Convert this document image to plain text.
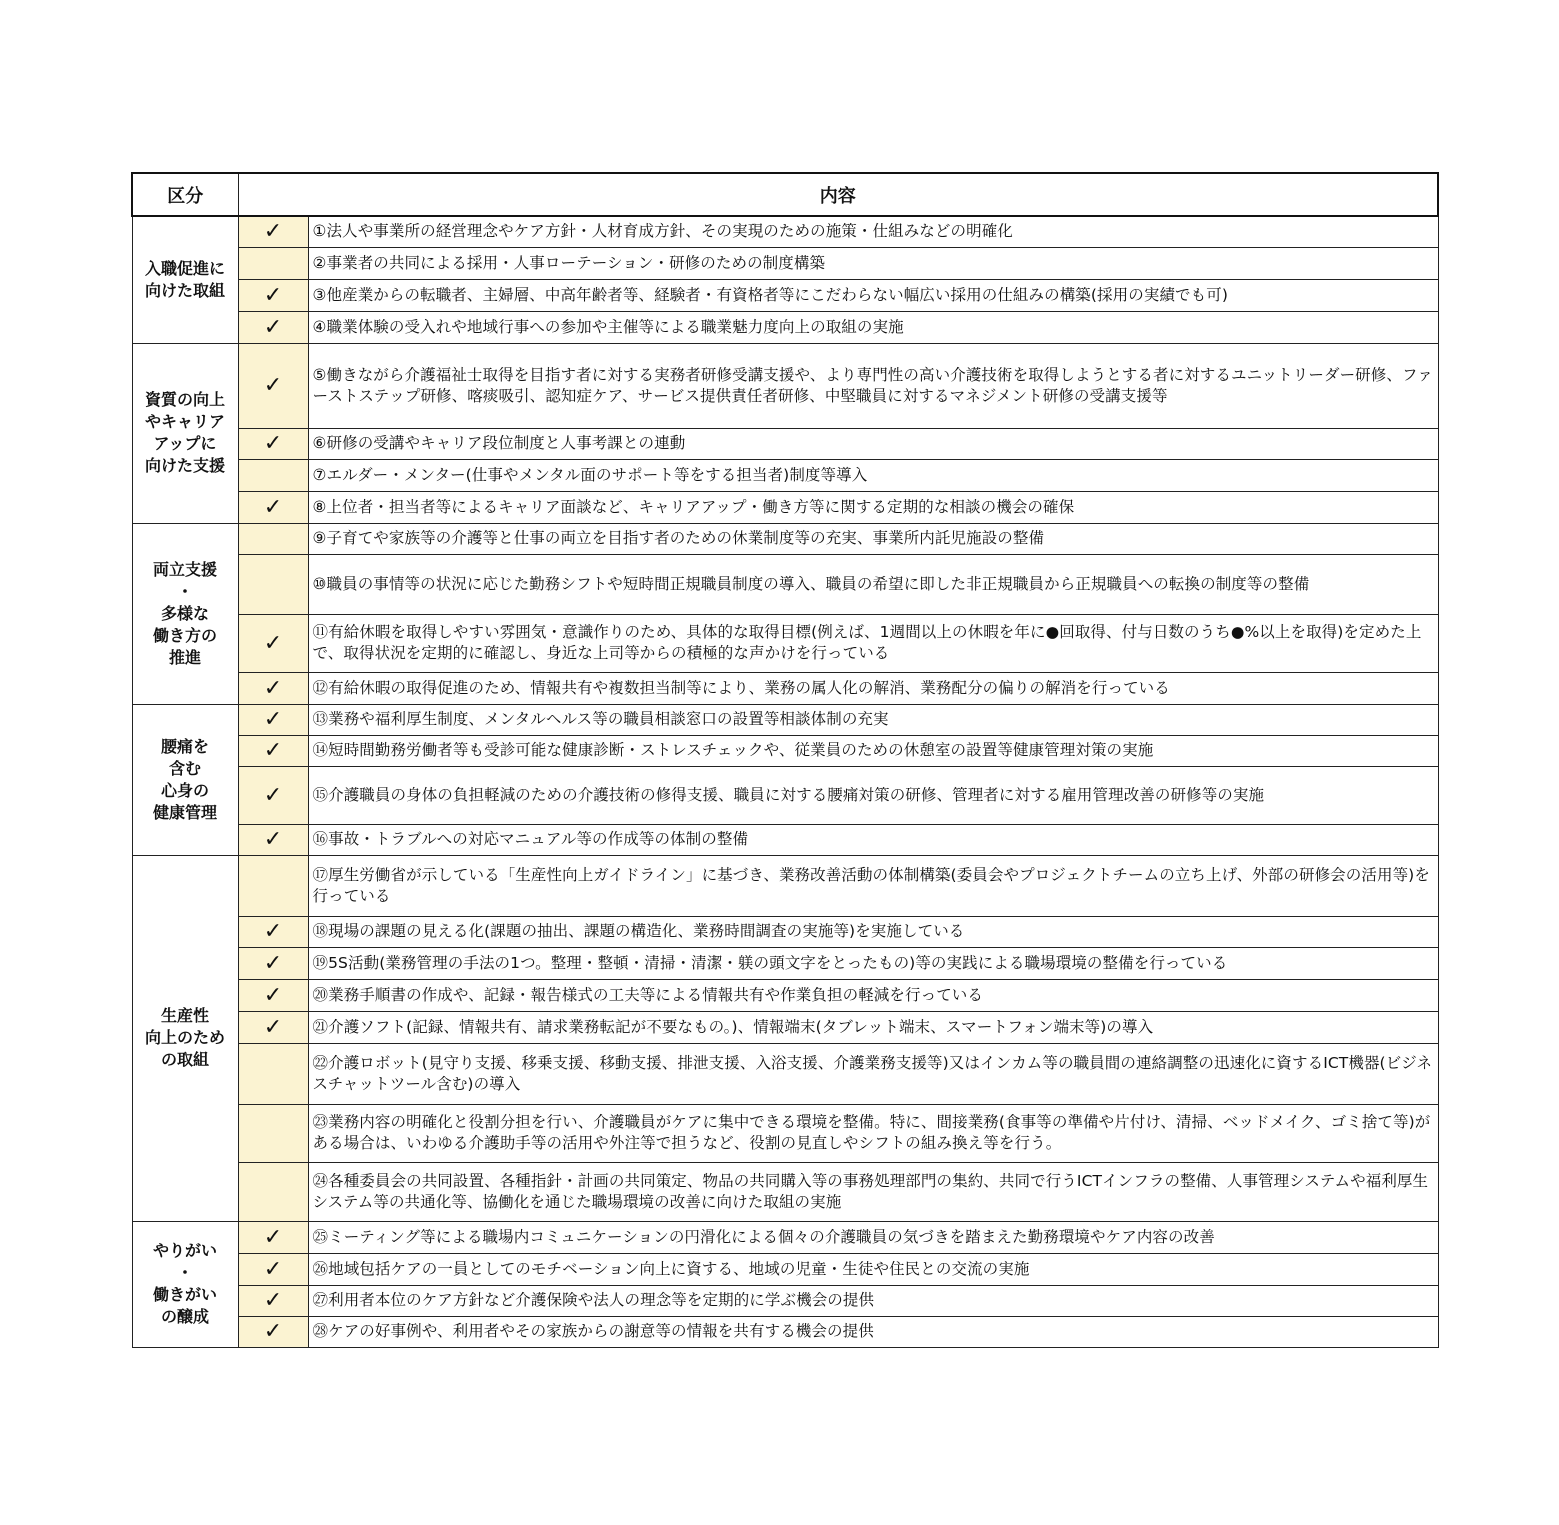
区分	内容	
入職促進に
向けた取組	✓	①法人や事業所の経営理念やケア方針・人材育成方針、その実現のための施策・仕組みなどの明確化
		②事業者の共同による採用・人事ローテーション・研修のための制度構築
	✓	③他産業からの転職者、主婦層、中高年齢者等、経験者・有資格者等にこだわらない幅広い採用の仕組みの構築(採用の実績でも可)
	✓	④職業体験の受入れや地域行事への参加や主催等による職業魅力度向上の取組の実施
資質の向上
やキャリア
アップに
向けた支援	✓	⑤働きながら介護福祉士取得を目指す者に対する実務者研修受講支援や、より専門性の高い介護技術を取得しようとする者に対するユニットリーダー研修、ファーストステップ研修、喀痰吸引、認知症ケア、サービス提供責任者研修、中堅職員に対するマネジメント研修の受講支援等
	✓	⑥研修の受講やキャリア段位制度と人事考課との連動
		⑦エルダー・メンター(仕事やメンタル面のサポート等をする担当者)制度等導入
	✓	⑧上位者・担当者等によるキャリア面談など、キャリアアップ・働き方等に関する定期的な相談の機会の確保
両立支援
・
多様な
働き方の
推進		⑨子育てや家族等の介護等と仕事の両立を目指す者のための休業制度等の充実、事業所内託児施設の整備
		⑩職員の事情等の状況に応じた勤務シフトや短時間正規職員制度の導入、職員の希望に即した非正規職員から正規職員への転換の制度等の整備
	✓	⑪有給休暇を取得しやすい雰囲気・意識作りのため、具体的な取得目標(例えば、1週間以上の休暇を年に●回取得、付与日数のうち●%以上を取得)を定めた上で、取得状況を定期的に確認し、身近な上司等からの積極的な声かけを行っている
	✓	⑫有給休暇の取得促進のため、情報共有や複数担当制等により、業務の属人化の解消、業務配分の偏りの解消を行っている
腰痛を
含む
心身の
健康管理	✓	⑬業務や福利厚生制度、メンタルヘルス等の職員相談窓口の設置等相談体制の充実
	✓	⑭短時間勤務労働者等も受診可能な健康診断・ストレスチェックや、従業員のための休憩室の設置等健康管理対策の実施
	✓	⑮介護職員の身体の負担軽減のための介護技術の修得支援、職員に対する腰痛対策の研修、管理者に対する雇用管理改善の研修等の実施
	✓	⑯事故・トラブルへの対応マニュアル等の作成等の体制の整備
生産性
向上のため
の取組		⑰厚生労働省が示している「生産性向上ガイドライン」に基づき、業務改善活動の体制構築(委員会やプロジェクトチームの立ち上げ、外部の研修会の活用等)を行っている
	✓	⑱現場の課題の見える化(課題の抽出、課題の構造化、業務時間調査の実施等)を実施している
	✓	⑲5S活動(業務管理の手法の1つ。整理・整頓・清掃・清潔・躾の頭文字をとったもの)等の実践による職場環境の整備を行っている
	✓	⑳業務手順書の作成や、記録・報告様式の工夫等による情報共有や作業負担の軽減を行っている
	✓	㉑介護ソフト(記録、情報共有、請求業務転記が不要なもの。)、情報端末(タブレット端末、スマートフォン端末等)の導入
		㉒介護ロボット(見守り支援、移乗支援、移動支援、排泄支援、入浴支援、介護業務支援等)又はインカム等の職員間の連絡調整の迅速化に資するICT機器(ビジネスチャットツール含む)の導入
		㉓業務内容の明確化と役割分担を行い、介護職員がケアに集中できる環境を整備。特に、間接業務(食事等の準備や片付け、清掃、ベッドメイク、ゴミ捨て等)がある場合は、いわゆる介護助手等の活用や外注等で担うなど、役割の見直しやシフトの組み換え等を行う。
		㉔各種委員会の共同設置、各種指針・計画の共同策定、物品の共同購入等の事務処理部門の集約、共同で行うICTインフラの整備、人事管理システムや福利厚生システム等の共通化等、協働化を通じた職場環境の改善に向けた取組の実施
やりがい
・
働きがい
の醸成	✓	㉕ミーティング等による職場内コミュニケーションの円滑化による個々の介護職員の気づきを踏まえた勤務環境やケア内容の改善
	✓	㉖地域包括ケアの一員としてのモチベーション向上に資する、地域の児童・生徒や住民との交流の実施
	✓	㉗利用者本位のケア方針など介護保険や法人の理念等を定期的に学ぶ機会の提供
	✓	㉘ケアの好事例や、利用者やその家族からの謝意等の情報を共有する機会の提供
